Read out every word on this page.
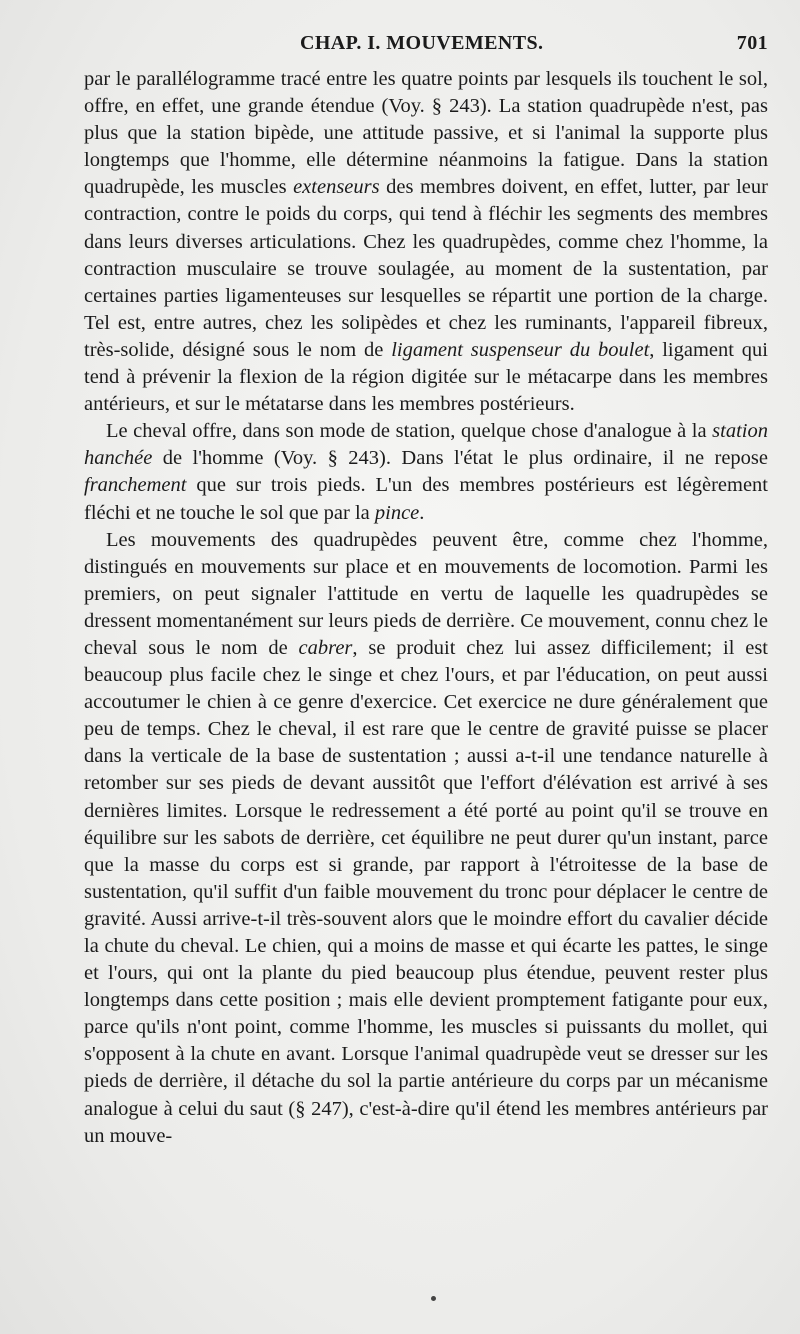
CHAP. I. MOUVEMENTS.	701

par le parallélogramme tracé entre les quatre points par lesquels ils touchent le sol, offre, en effet, une grande étendue (Voy. § 243). La station quadrupède n'est, pas plus que la station bipède, une attitude passive, et si l'animal la supporte plus longtemps que l'homme, elle détermine néanmoins la fatigue. Dans la station quadrupède, les muscles extenseurs des membres doivent, en effet, lutter, par leur contraction, contre le poids du corps, qui tend à fléchir les segments des membres dans leurs diverses articulations. Chez les quadrupèdes, comme chez l'homme, la contraction musculaire se trouve soulagée, au moment de la sustentation, par certaines parties ligamenteuses sur lesquelles se répartit une portion de la charge. Tel est, entre autres, chez les solipèdes et chez les ruminants, l'appareil fibreux, très-solide, désigné sous le nom de ligament suspenseur du boulet, ligament qui tend à prévenir la flexion de la région digitée sur le métacarpe dans les membres antérieurs, et sur le métatarse dans les membres postérieurs.

Le cheval offre, dans son mode de station, quelque chose d'analogue à la station hanchée de l'homme (Voy. § 243). Dans l'état le plus ordinaire, il ne repose franchement que sur trois pieds. L'un des membres postérieurs est légèrement fléchi et ne touche le sol que par la pince.

Les mouvements des quadrupèdes peuvent être, comme chez l'homme, distingués en mouvements sur place et en mouvements de locomotion. Parmi les premiers, on peut signaler l'attitude en vertu de laquelle les quadrupèdes se dressent momentanément sur leurs pieds de derrière. Ce mouvement, connu chez le cheval sous le nom de cabrer, se produit chez lui assez difficilement; il est beaucoup plus facile chez le singe et chez l'ours, et par l'éducation, on peut aussi accoutumer le chien à ce genre d'exercice. Cet exercice ne dure généralement que peu de temps. Chez le cheval, il est rare que le centre de gravité puisse se placer dans la verticale de la base de sustentation ; aussi a-t-il une tendance naturelle à retomber sur ses pieds de devant aussitôt que l'effort d'élévation est arrivé à ses dernières limites. Lorsque le redressement a été porté au point qu'il se trouve en équilibre sur les sabots de derrière, cet équilibre ne peut durer qu'un instant, parce que la masse du corps est si grande, par rapport à l'étroitesse de la base de sustentation, qu'il suffit d'un faible mouvement du tronc pour déplacer le centre de gravité. Aussi arrive-t-il très-souvent alors que le moindre effort du cavalier décide la chute du cheval. Le chien, qui a moins de masse et qui écarte les pattes, le singe et l'ours, qui ont la plante du pied beaucoup plus étendue, peuvent rester plus longtemps dans cette position ; mais elle devient promptement fatigante pour eux, parce qu'ils n'ont point, comme l'homme, les muscles si puissants du mollet, qui s'opposent à la chute en avant. Lorsque l'animal quadrupède veut se dresser sur les pieds de derrière, il détache du sol la partie antérieure du corps par un mécanisme analogue à celui du saut (§ 247), c'est-à-dire qu'il étend les membres antérieurs par un mouve-
